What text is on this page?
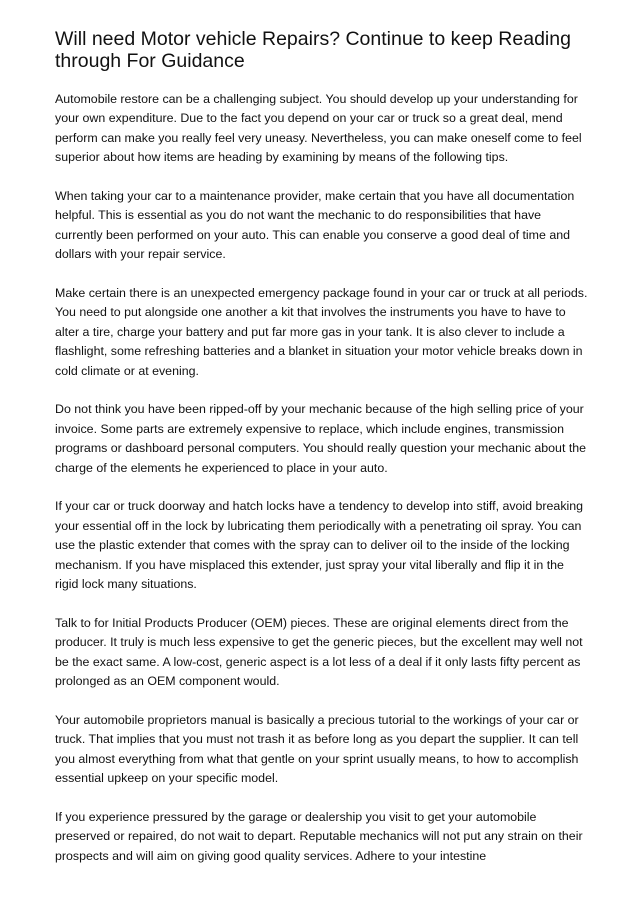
Will need Motor vehicle Repairs? Continue to keep Reading through For Guidance

Automobile restore can be a challenging subject. You should develop up your understanding for your own expenditure. Due to the fact you depend on your car or truck so a great deal, mend perform can make you really feel very uneasy. Nevertheless, you can make oneself come to feel superior about how items are heading by examining by means of the following tips.

When taking your car to a maintenance provider, make certain that you have all documentation helpful. This is essential as you do not want the mechanic to do responsibilities that have currently been performed on your auto. This can enable you conserve a good deal of time and dollars with your repair service.

Make certain there is an unexpected emergency package found in your car or truck at all periods. You need to put alongside one another a kit that involves the instruments you have to have to alter a tire, charge your battery and put far more gas in your tank. It is also clever to include a flashlight, some refreshing batteries and a blanket in situation your motor vehicle breaks down in cold climate or at evening.

Do not think you have been ripped-off by your mechanic because of the high selling price of your invoice. Some parts are extremely expensive to replace, which include engines, transmission programs or dashboard personal computers. You should really question your mechanic about the charge of the elements he experienced to place in your auto.

If your car or truck doorway and hatch locks have a tendency to develop into stiff, avoid breaking your essential off in the lock by lubricating them periodically with a penetrating oil spray. You can use the plastic extender that comes with the spray can to deliver oil to the inside of the locking mechanism. If you have misplaced this extender, just spray your vital liberally and flip it in the rigid lock many situations.

Talk to for Initial Products Producer (OEM) pieces. These are original elements direct from the producer. It truly is much less expensive to get the generic pieces, but the excellent may well not be the exact same. A low-cost, generic aspect is a lot less of a deal if it only lasts fifty percent as prolonged as an OEM component would.

Your automobile proprietors manual is basically a precious tutorial to the workings of your car or truck. That implies that you must not trash it as before long as you depart the supplier. It can tell you almost everything from what that gentle on your sprint usually means, to how to accomplish essential upkeep on your specific model.

If you experience pressured by the garage or dealership you visit to get your automobile preserved or repaired, do not wait to depart. Reputable mechanics will not put any strain on their prospects and will aim on giving good quality services. Adhere to your intestine
